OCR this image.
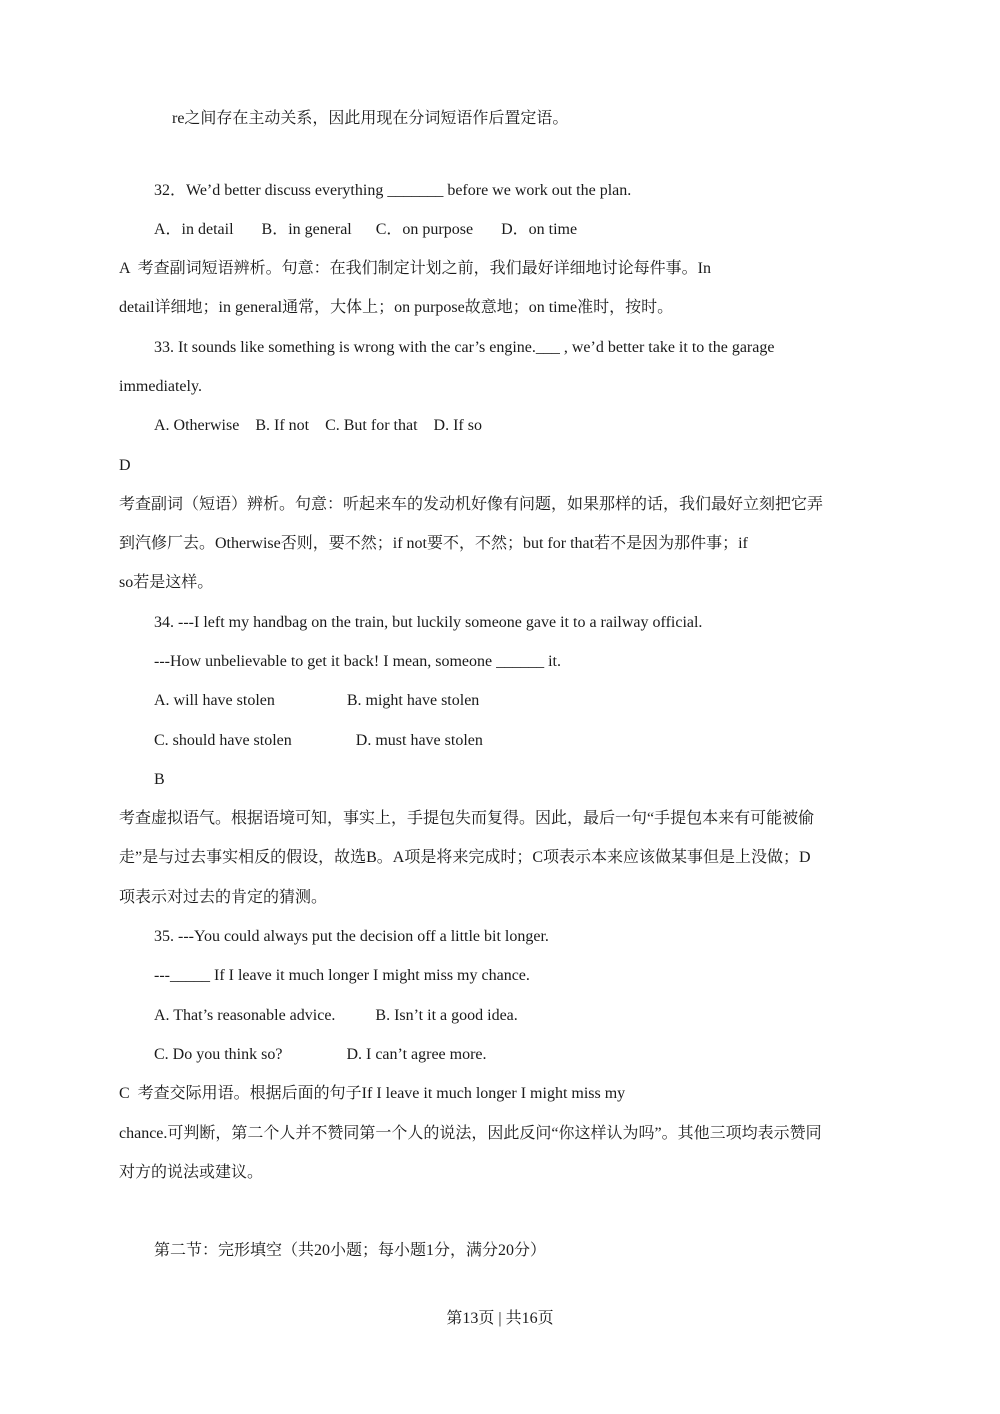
re之间存在主动关系，因此用现在分词短语作后置定语。
32．We’d better discuss everything _______ before we work out the plan.
A．in detail       B．in general      C．on purpose       D．on time
A  考查副词短语辨析。句意：在我们制定计划之前，我们最好详细地讨论每件事。In
detail详细地；in general通常，大体上；on purpose故意地；on time准时，按时。
33. It sounds like something is wrong with the car’s engine.___ , we’d better take it to the garage
immediately.
A. Otherwise    B. If not    C. But for that    D. If so
D
考查副词（短语）辨析。句意：听起来车的发动机好像有问题，如果那样的话，我们最好立刻把它弄
到汽修厂去。Otherwise否则，要不然；if not要不，不然；but for that若不是因为那件事；if
so若是这样。
34. ---I left my handbag on the train, but luckily someone gave it to a railway official.
---How unbelievable to get it back! I mean, someone ______ it.
A. will have stolen                  B. might have stolen
C. should have stolen                D. must have stolen
B
考查虚拟语气。根据语境可知，事实上，手提包失而复得。因此，最后一句“手提包本来有可能被偷
走”是与过去事实相反的假设，故选B。A项是将来完成时；C项表示本来应该做某事但是上没做；D
项表示对过去的肯定的猜测。
35. ---You could always put the decision off a little bit longer.
---_____ If I leave it much longer I might miss my chance.
A. That’s reasonable advice.          B. Isn’t it a good idea.
C. Do you think so?                D. I can’t agree more.
C  考查交际用语。根据后面的句子If I leave it much longer I might miss my
chance.可判断，第二个人并不赞同第一个人的说法，因此反问“你这样认为吗”。其他三项均表示赞同
对方的说法或建议。
第二节：完形填空（共20小题；每小题1分，满分20分）
第13页 | 共16页
